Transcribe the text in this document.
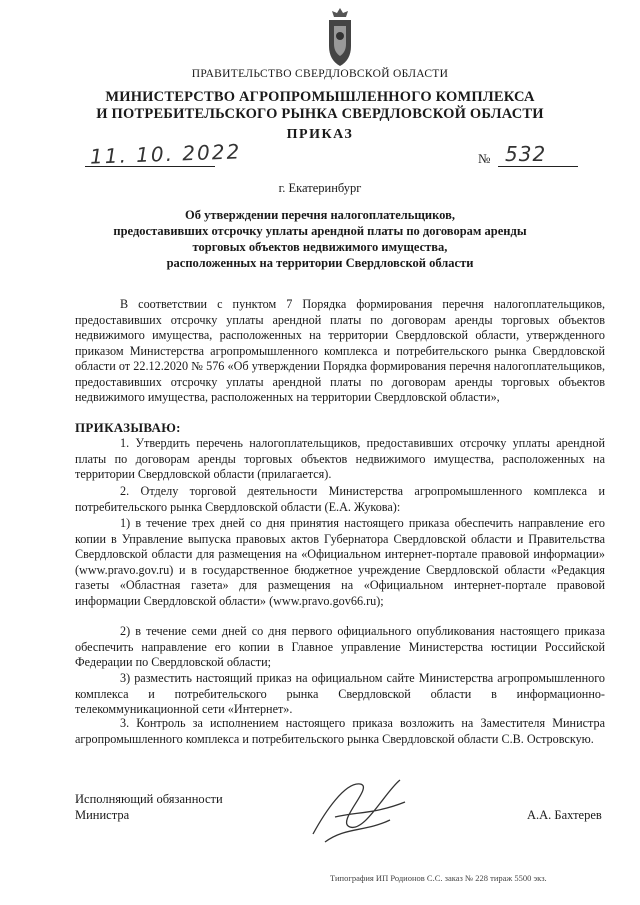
ПРАВИТЕЛЬСТВО СВЕРДЛОВСКОЙ ОБЛАСТИ
МИНИСТЕРСТВО АГРОПРОМЫШЛЕННОГО КОМПЛЕКСА
И ПОТРЕБИТЕЛЬСКОГО РЫНКА СВЕРДЛОВСКОЙ ОБЛАСТИ
ПРИКАЗ
11. 10. 2022	№ 532
г. Екатеринбург
Об утверждении перечня налогоплательщиков,
предоставивших отсрочку уплаты арендной платы по договорам аренды
торговых объектов недвижимого имущества,
расположенных на территории Свердловской области
В соответствии с пунктом 7 Порядка формирования перечня налогоплательщиков, предоставивших отсрочку уплаты арендной платы по договорам аренды торговых объектов недвижимого имущества, расположенных на территории Свердловской области, утвержденного приказом Министерства агропромышленного комплекса и потребительского рынка Свердловской области от 22.12.2020 № 576 «Об утверждении Порядка формирования перечня налогоплательщиков, предоставивших отсрочку уплаты арендной платы по договорам аренды торговых объектов недвижимого имущества, расположенных на территории Свердловской области»,
ПРИКАЗЫВАЮ:
1. Утвердить перечень налогоплательщиков, предоставивших отсрочку уплаты арендной платы по договорам аренды торговых объектов недвижимого имущества, расположенных на территории Свердловской области (прилагается).
2. Отделу торговой деятельности Министерства агропромышленного комплекса и потребительского рынка Свердловской области (Е.А. Жукова):
1) в течение трех дней со дня принятия настоящего приказа обеспечить направление его копии в Управление выпуска правовых актов Губернатора Свердловской области и Правительства Свердловской области для размещения на «Официальном интернет-портале правовой информации» (www.pravo.gov.ru) и в государственное бюджетное учреждение Свердловской области «Редакция газеты «Областная газета» для размещения на «Официальном интернет-портале правовой информации Свердловской области» (www.pravo.gov66.ru);
2) в течение семи дней со дня первого официального опубликования настоящего приказа обеспечить направление его копии в Главное управление Министерства юстиции Российской Федерации по Свердловской области;
3) разместить настоящий приказ на официальном сайте Министерства агропромышленного комплекса и потребительского рынка Свердловской области в информационно-телекоммуникационной сети «Интернет».
3. Контроль за исполнением настоящего приказа возложить на Заместителя Министра агропромышленного комплекса и потребительского рынка Свердловской области С.В. Островскую.
Исполняющий обязанности
Министра	А.А. Бахтерев
Типография ИП Родионов С.С. заказ № 228 тираж 5500 экз.
